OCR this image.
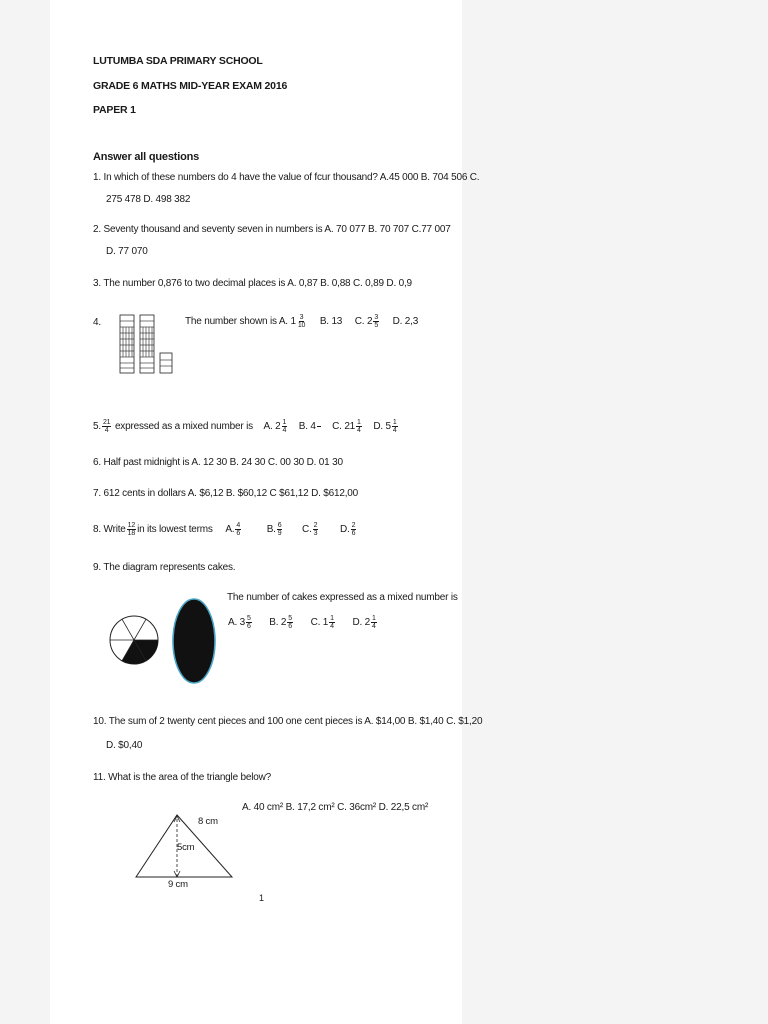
LUTUMBA SDA PRIMARY SCHOOL
GRADE 6 MATHS MID-YEAR EXAM 2016
PAPER 1
Answer all questions
1. In which of these numbers do 4 have the value of fcur thousand? A.45 000 B. 704 506 C.
275 478 D. 498 382
2. Seventy thousand and seventy seven in numbers is A. 70 077 B. 70 707 C.77 007
D. 77 070
3. The number 0,876 to two decimal places is A. 0,87 B. 0,88 C. 0,89 D. 0,9
4.	The number shown is A. $1 \frac{3}{10} B$. 13 C. $2 \frac{3}{5} D$. 2,3
5. $\frac{21}{4}$ expressed as a mixed number is A. $2 \frac{1}{4} B$. 4

C. $21 \frac{1}{4} D$. $5 \frac{1}{4}$
6. Half past midnight is A. 12 30 B. 24 30 C. 00 30 D. 01 30
7. 612 cents in dollars A. $6,12 B. $60,12 C $61,12 D. $612,00
8. Write $\frac{12}{18}$ in its lowest terms A. $\frac{4}{6}$	B. $\frac{6}{9} C$. $\frac{2}{3} D$. $\frac{2}{6}$
9. The diagram represents cakes.
The number of cakes expressed as a mixed number is
A. $3 \frac{5}{6} B$. $2 \frac{5}{6} C$. $1 \frac{1}{4} D$. $2 \frac{1}{4}$
10. The sum of 2 twenty cent pieces and 100 one cent pieces is A. $14,00 B. $1,40 C. $1,20
D. $0,40
11. What is the area of the triangle below?
A. 40 cm² B. 17,2 cm² C. 36cm² D. 22,5 cm²
8 cm
5cm
9 cm
1
